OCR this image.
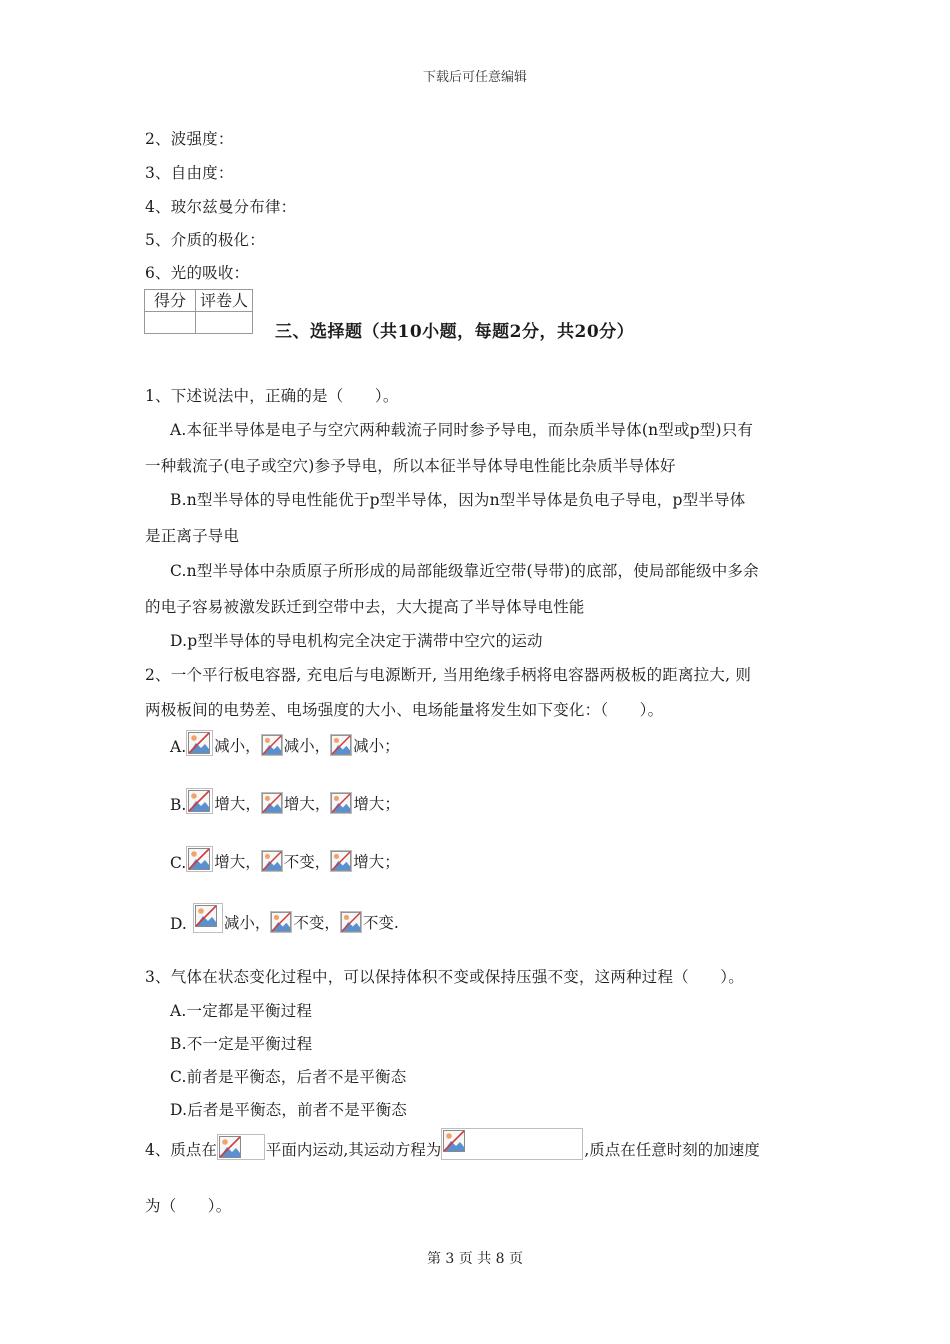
下载后可任意编辑
2、波强度：
3、自由度：
4、玻尔兹曼分布律：
5、介质的极化：
6、光的吸收：
得分	评卷人

三、选择题（共10小题，每题2分，共20分）
1、下述说法中，正确的是（　　）。
A.本征半导体是电子与空穴两种载流子同时参予导电，而杂质半导体(n型或p型)只有
一种载流子(电子或空穴)参予导电，所以本征半导体导电性能比杂质半导体好
B.n型半导体的导电性能优于p型半导体，因为n型半导体是负电子导电，p型半导体
是正离子导电
C.n型半导体中杂质原子所形成的局部能级靠近空带(导带)的底部，使局部能级中多余
的电子容易被激发跃迁到空带中去，大大提高了半导体导电性能
D.p型半导体的导电机构完全决定于满带中空穴的运动
2、一个平行板电容器, 充电后与电源断开, 当用绝缘手柄将电容器两极板的距离拉大, 则
两极板间的电势差、电场强度的大小、电场能量将发生如下变化：（　　）。
A. 减小， 减小， 减小；
B. 增大， 增大， 增大；
C. 增大， 不变， 增大；
D. 减小， 不变， 不变.
3、气体在状态变化过程中，可以保持体积不变或保持压强不变，这两种过程（　　）。
A.一定都是平衡过程
B.不一定是平衡过程
C.前者是平衡态，后者不是平衡态
D.后者是平衡态，前者不是平衡态
4、质点在	平面内运动,其运动方程为	,质点在任意时刻的加速度
为（　　）。
第 3 页 共 8 页
